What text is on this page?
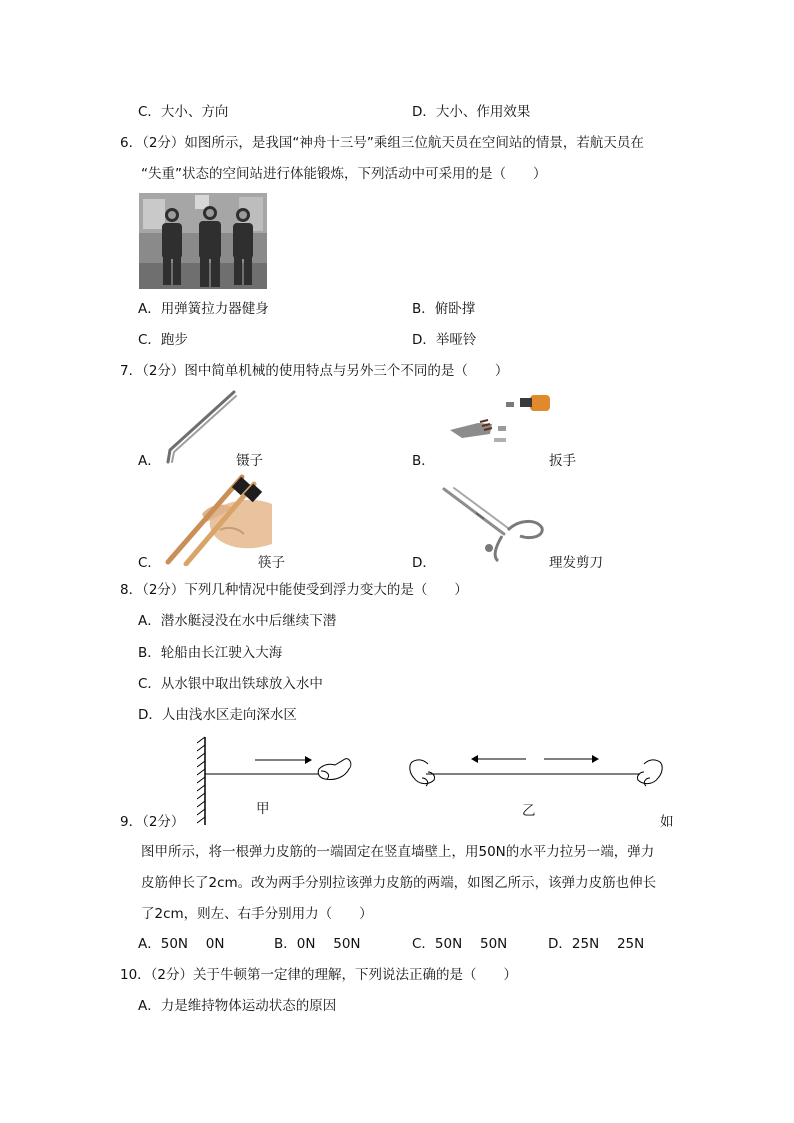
C．大小、方向	D．大小、作用效果
6．（2分）如图所示，是我国“神舟十三号”乘组三位航天员在空间站的情景，若航天员在
“失重”状态的空间站进行体能锻炼，下列活动中可采用的是（　　）
A．用弹簧拉力器健身	B．俯卧撑
C．跑步	D．举哑铃
7．（2分）图中简单机械的使用特点与另外三个不同的是（　　）
A．	镊子	B．	扳手
C．	筷子	D．	理发剪刀
8．（2分）下列几种情况中能使受到浮力变大的是（　　）
A．潜水艇浸没在水中后继续下潜
B．轮船由长江驶入大海
C．从水银中取出铁球放入水中
D．人由浅水区走向深水区
甲	乙
9．（2分）	如
图甲所示，将一根弹力皮筋的一端固定在竖直墙壁上，用50N的水平力拉另一端，弹力
皮筋伸长了2cm。改为两手分别拉该弹力皮筋的两端，如图乙所示，该弹力皮筋也伸长
了2cm，则左、右手分别用力（　　）
A．50N　 0N	B．0N　 50N	C．50N　 50N	D．25N　 25N
10．（2分）关于牛顿第一定律的理解，下列说法正确的是（　　）
A．力是维持物体运动状态的原因
